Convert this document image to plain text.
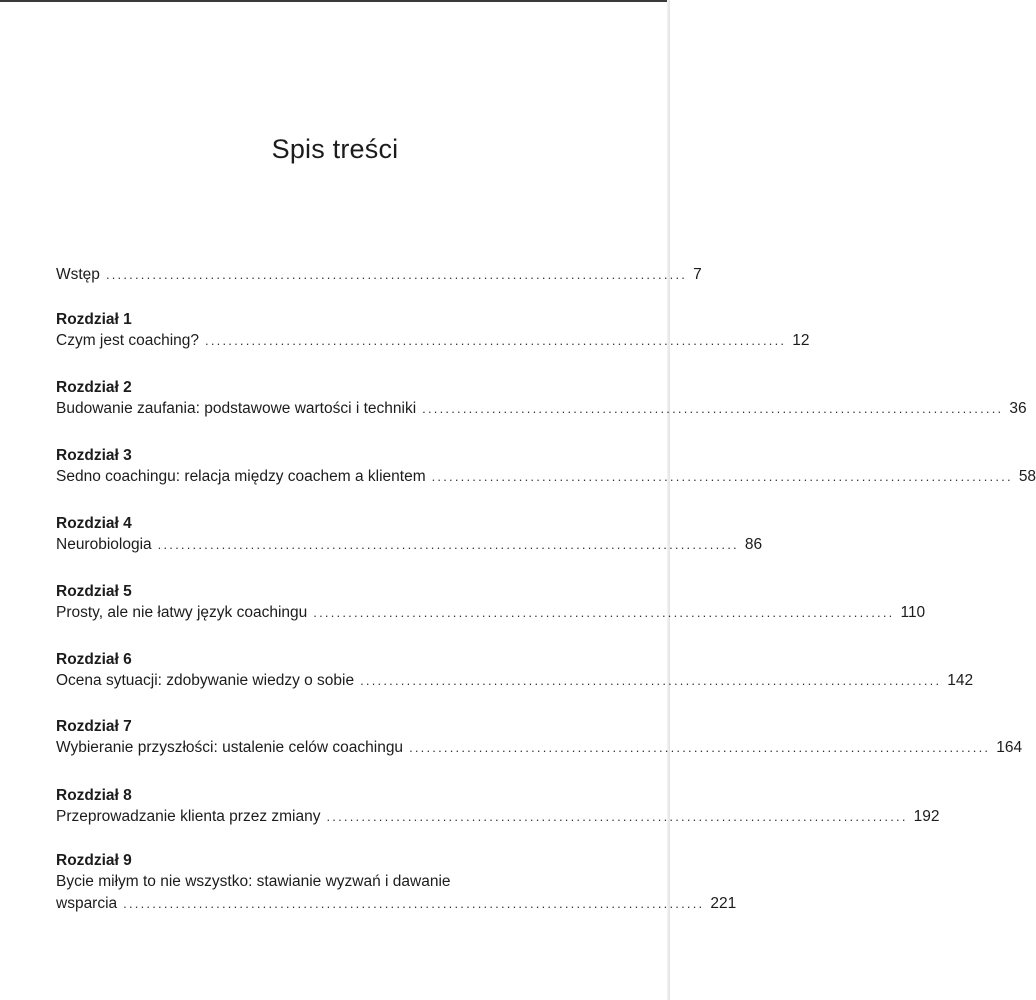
Spis treści
Wstęp .................................................................................................... 7
Rozdział 1
Czym jest coaching? .................................................................................................... 12
Rozdział 2
Budowanie zaufania: podstawowe wartości i techniki .................................................................................................... 36
Rozdział 3
Sedno coachingu: relacja między coachem a klientem .................................................................................................... 58
Rozdział 4
Neurobiologia .................................................................................................... 86
Rozdział 5
Prosty, ale nie łatwy język coachingu .................................................................................................... 110
Rozdział 6
Ocena sytuacji: zdobywanie wiedzy o sobie .................................................................................................... 142
Rozdział 7
Wybieranie przyszłości: ustalenie celów coachingu .................................................................................................... 164
Rozdział 8
Przeprowadzanie klienta przez zmiany .................................................................................................... 192
Rozdział 9
Bycie miłym to nie wszystko: stawianie wyzwań i dawanie
wsparcia .................................................................................................... 221
